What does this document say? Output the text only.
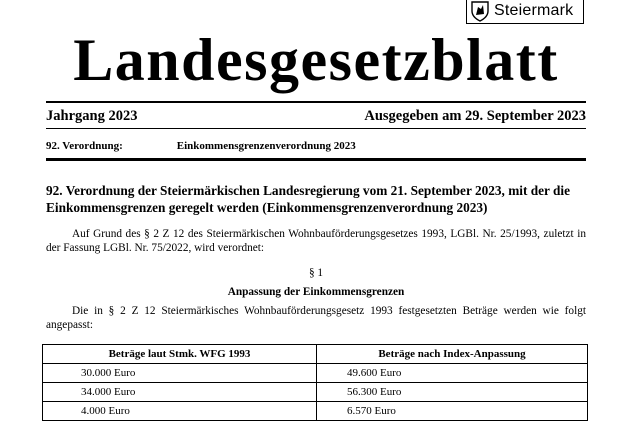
Steiermark
Landesgesetzblatt
Jahrgang 2023	Ausgegeben am 29. September 2023
92. Verordnung:	Einkommensgrenzenverordnung 2023
92. Verordnung der Steiermärkischen Landesregierung vom 21. September 2023, mit der die Einkommensgrenzen geregelt werden (Einkommensgrenzenverordnung 2023)
Auf Grund des § 2 Z 12 des Steiermärkischen Wohnbauförderungsgesetzes 1993, LGBl. Nr. 25/1993, zuletzt in der Fassung LGBl. Nr. 75/2022, wird verordnet:
§ 1
Anpassung der Einkommensgrenzen
Die in § 2 Z 12 Steiermärkisches Wohnbauförderungsgesetz 1993 festgesetzten Beträge werden wie folgt angepasst:
Beträge laut Stmk. WFG 1993	Beträge nach Index-Anpassung
30.000 Euro	49.600 Euro
34.000 Euro	56.300 Euro
4.000 Euro	6.570 Euro
